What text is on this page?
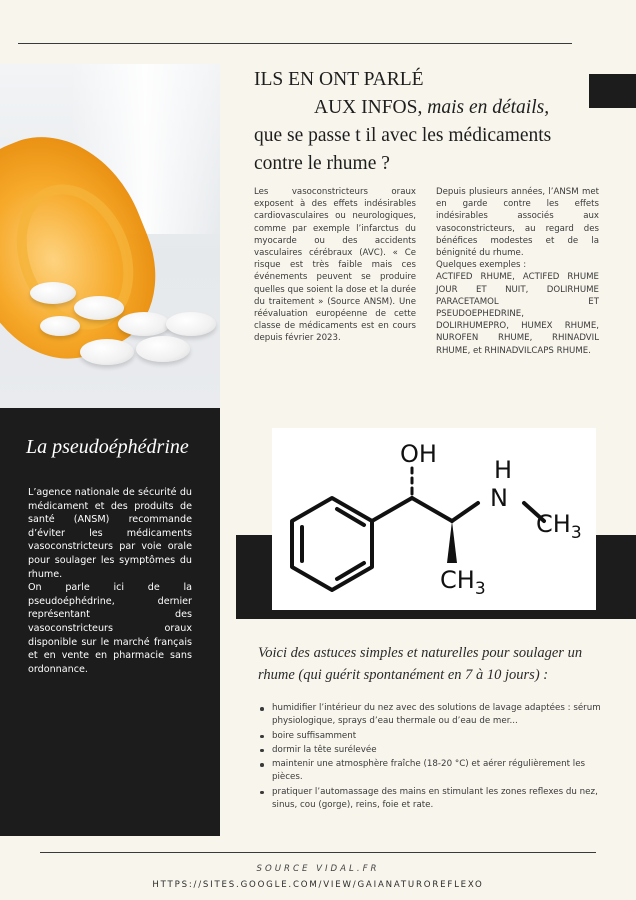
ILS EN ONT PARLÉ
AUX INFOS, mais en détails,
que se passe t il avec les médicaments
contre le rhume ?

Les vasoconstricteurs oraux exposent à des effets indésirables cardiovasculaires ou neurologiques, comme par exemple l’infarctus du myocarde ou des accidents vasculaires cérébraux (AVC). « Ce risque est très faible mais ces événements peuvent se produire quelles que soient la dose et la durée du traitement » (Source ANSM). Une réévaluation européenne de cette classe de médicaments est en cours depuis février 2023.

Depuis plusieurs années, l’ANSM met en garde contre les effets indésirables associés aux vasoconstricteurs, au regard des bénéfices modestes et de la bénignité du rhume.

Quelques exemples :

ACTIFED RHUME, ACTIFED RHUME JOUR ET NUIT, DOLIRHUME PARACETAMOL ET PSEUDOEPHEDRINE, DOLIRHUMEPRO, HUMEX RHUME, NUROFEN RHUME, RHINADVIL RHUME, et RHINADVILCAPS RHUME.

OH
H
N
$CH_3$
$CH_3$
La pseudoéphédrine

L’agence nationale de sécurité du médicament et des produits de santé (ANSM) recommande d’éviter les médicaments vasoconstricteurs par voie orale pour soulager les symptômes du rhume.

On parle ici de la pseudoéphédrine, dernier représentant des vasoconstricteurs oraux disponible sur le marché français et en vente en pharmacie sans ordonnance.

Voici des astuces simples et naturelles pour soulager un rhume (qui guérit spontanément en 7 à 10 jours) :
humidifier l’intérieur du nez avec des solutions de lavage adaptées : sérum physiologique, sprays d’eau thermale ou d’eau de mer...
boire suffisamment
dormir la tête surélevée
maintenir une atmosphère fraîche (18-20 °C) et aérer régulièrement les pièces.
pratiquer l’automassage des mains en stimulant les zones reflexes du nez, sinus, cou (gorge), reins, foie et rate.
SOURCE VIDAL.FR
HTTPS://SITES.GOOGLE.COM/VIEW/GAIANATUROREFLEXO
